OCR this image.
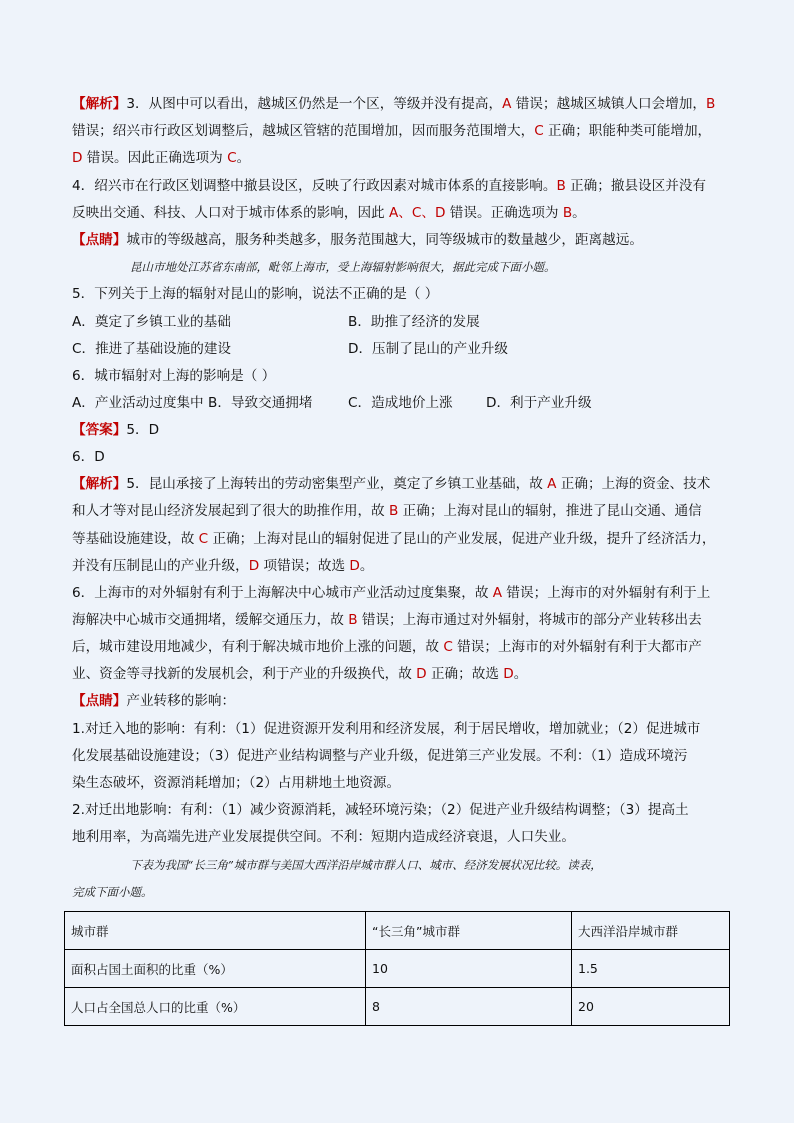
【解析】3．从图中可以看出，越城区仍然是一个区，等级并没有提高，A 错误；越城区城镇人口会增加，B
错误；绍兴市行政区划调整后，越城区管辖的范围增加，因而服务范围增大，C 正确；职能种类可能增加，
D 错误。因此正确选项为 C。
4．绍兴市在行政区划调整中撤县设区，反映了行政因素对城市体系的直接影响。B 正确；撤县设区并没有
反映出交通、科技、人口对于城市体系的影响，因此 A、C、D 错误。正确选项为 B。
【点睛】城市的等级越高，服务种类越多，服务范围越大，同等级城市的数量越少，距离越远。
昆山市地处江苏省东南部，毗邻上海市，受上海辐射影响很大，据此完成下面小题。
5．下列关于上海的辐射对昆山的影响，说法不正确的是（ ）
A．奠定了乡镇工业的基础	B．助推了经济的发展
C．推进了基础设施的建设	D．压制了昆山的产业升级
6．城市辐射对上海的影响是（ ）
A．产业活动过度集中 B．导致交通拥堵	C．造成地价上涨 D．利于产业升级
【答案】5．D
6．D
【解析】5．昆山承接了上海转出的劳动密集型产业，奠定了乡镇工业基础，故 A 正确；上海的资金、技术
和人才等对昆山经济发展起到了很大的助推作用，故 B 正确；上海对昆山的辐射，推进了昆山交通、通信
等基础设施建设，故 C 正确；上海对昆山的辐射促进了昆山的产业发展，促进产业升级，提升了经济活力，
并没有压制昆山的产业升级，D 项错误；故选 D。
6．上海市的对外辐射有利于上海解决中心城市产业活动过度集聚，故 A 错误；上海市的对外辐射有利于上
海解决中心城市交通拥堵，缓解交通压力，故 B 错误；上海市通过对外辐射，将城市的部分产业转移出去
后，城市建设用地减少，有利于解决城市地价上涨的问题，故 C 错误；上海市的对外辐射有利于大都市产
业、资金等寻找新的发展机会，利于产业的升级换代，故 D 正确；故选 D。
【点睛】产业转移的影响：
1.对迁入地的影响：有利：（1）促进资源开发利用和经济发展，利于居民增收，增加就业；（2）促进城市
化发展基础设施建设；（3）促进产业结构调整与产业升级，促进第三产业发展。不利：（1）造成环境污
染生态破坏，资源消耗增加；（2）占用耕地土地资源。
2.对迁出地影响：有利：（1）减少资源消耗，减轻环境污染；（2）促进产业升级结构调整；（3）提高土
地利用率，为高端先进产业发展提供空间。不利：短期内造成经济衰退，人口失业。
下表为我国“长三角”城市群与美国大西洋沿岸城市群人口、城市、经济发展状况比较。读表，
完成下面小题。
城市群	“长三角”城市群	大西洋沿岸城市群
面积占国土面积的比重（%）	10	1.5
人口占全国总人口的比重（%）	8	20
